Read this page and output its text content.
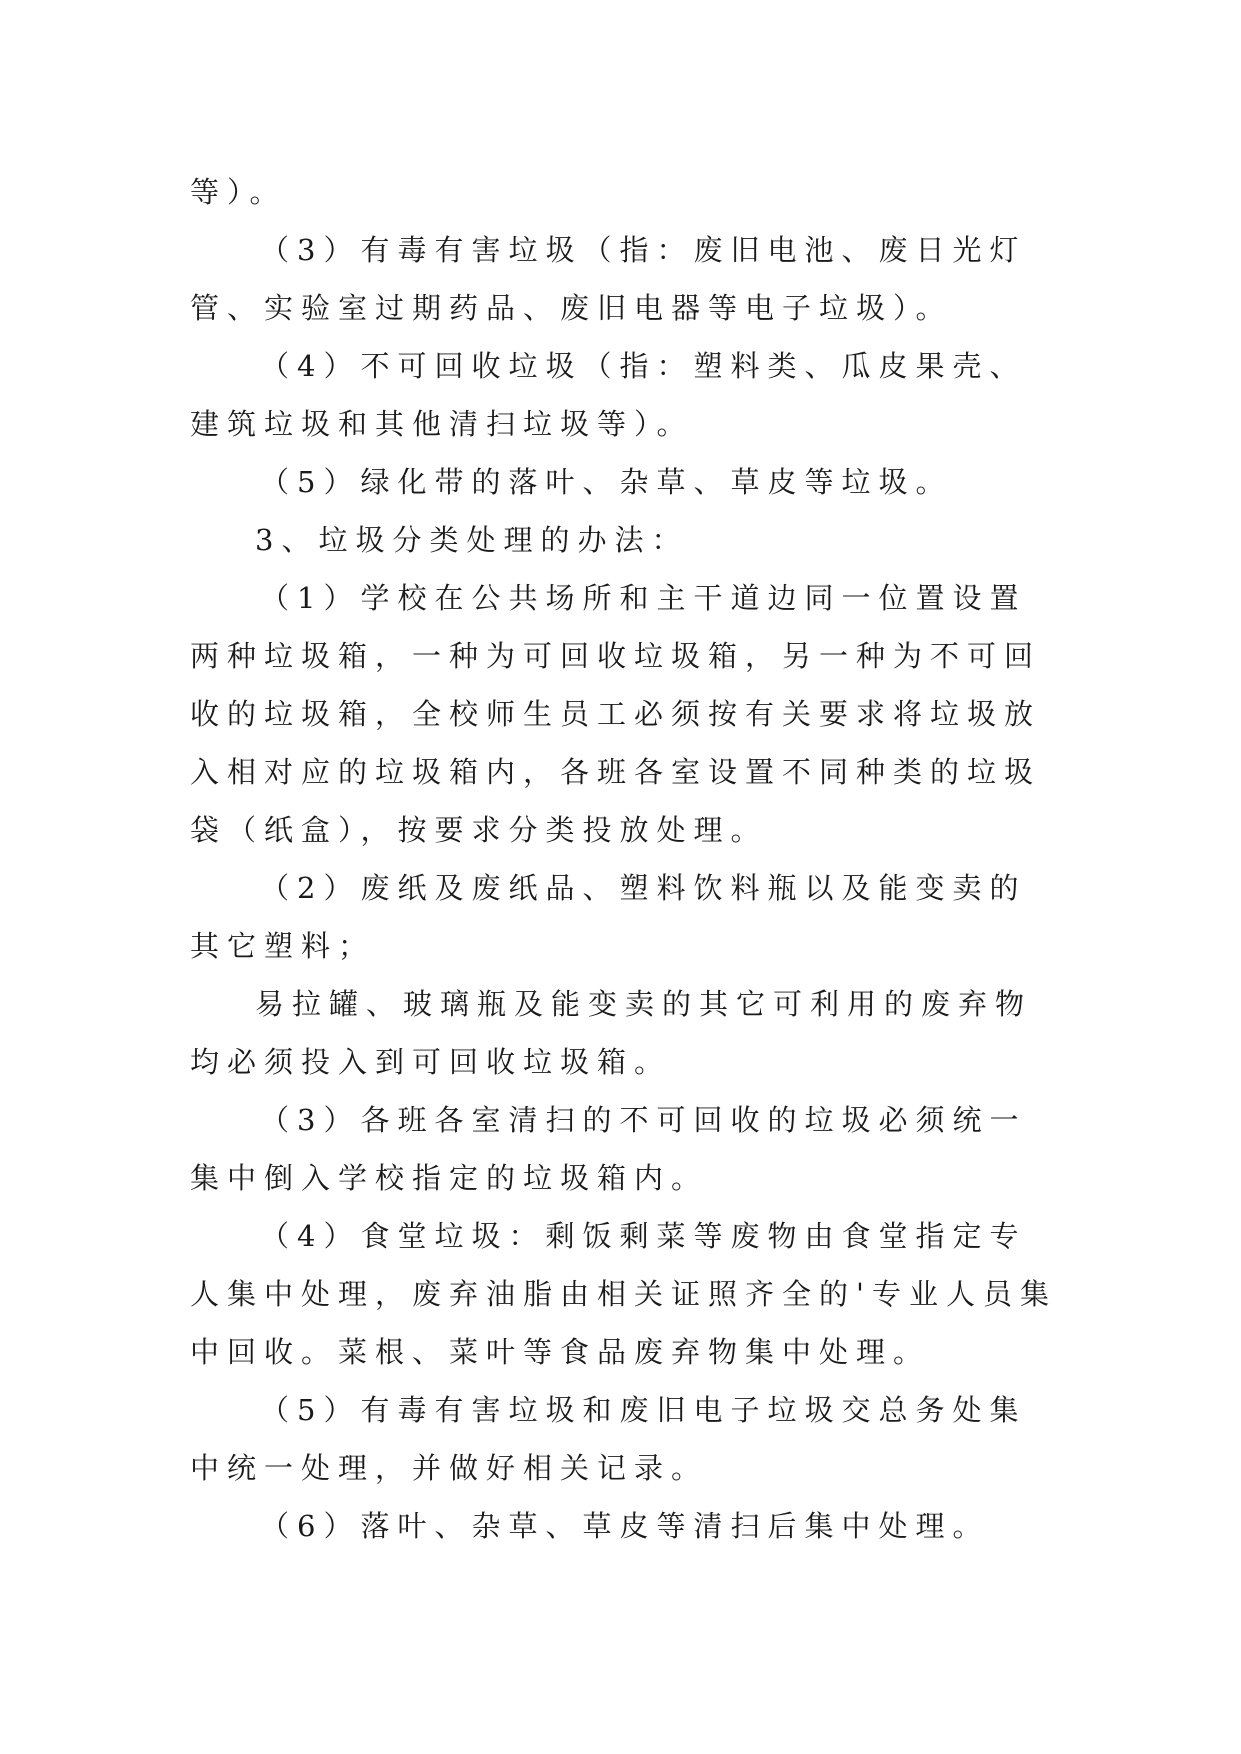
等）。

（3）有毒有害垃圾（指：废旧电池、废日光灯管、实验室过期药品、废旧电器等电子垃圾）。

（4）不可回收垃圾（指：塑料类、瓜皮果壳、建筑垃圾和其他清扫垃圾等）。

（5）绿化带的落叶、杂草、草皮等垃圾。

3、垃圾分类处理的办法：

（1）学校在公共场所和主干道边同一位置设置两种垃圾箱，一种为可回收垃圾箱，另一种为不可回收的垃圾箱，全校师生员工必须按有关要求将垃圾放入相对应的垃圾箱内，各班各室设置不同种类的垃圾袋（纸盒），按要求分类投放处理。

（2）废纸及废纸品、塑料饮料瓶以及能变卖的其它塑料；

易拉罐、玻璃瓶及能变卖的其它可利用的废弃物均必须投入到可回收垃圾箱。

（3）各班各室清扫的不可回收的垃圾必须统一集中倒入学校指定的垃圾箱内。

（4）食堂垃圾：剩饭剩菜等废物由食堂指定专人集中处理，废弃油脂由相关证照齐全的'专业人员集中回收。菜根、菜叶等食品废弃物集中处理。

（5）有毒有害垃圾和废旧电子垃圾交总务处集中统一处理，并做好相关记录。

（6）落叶、杂草、草皮等清扫后集中处理。
